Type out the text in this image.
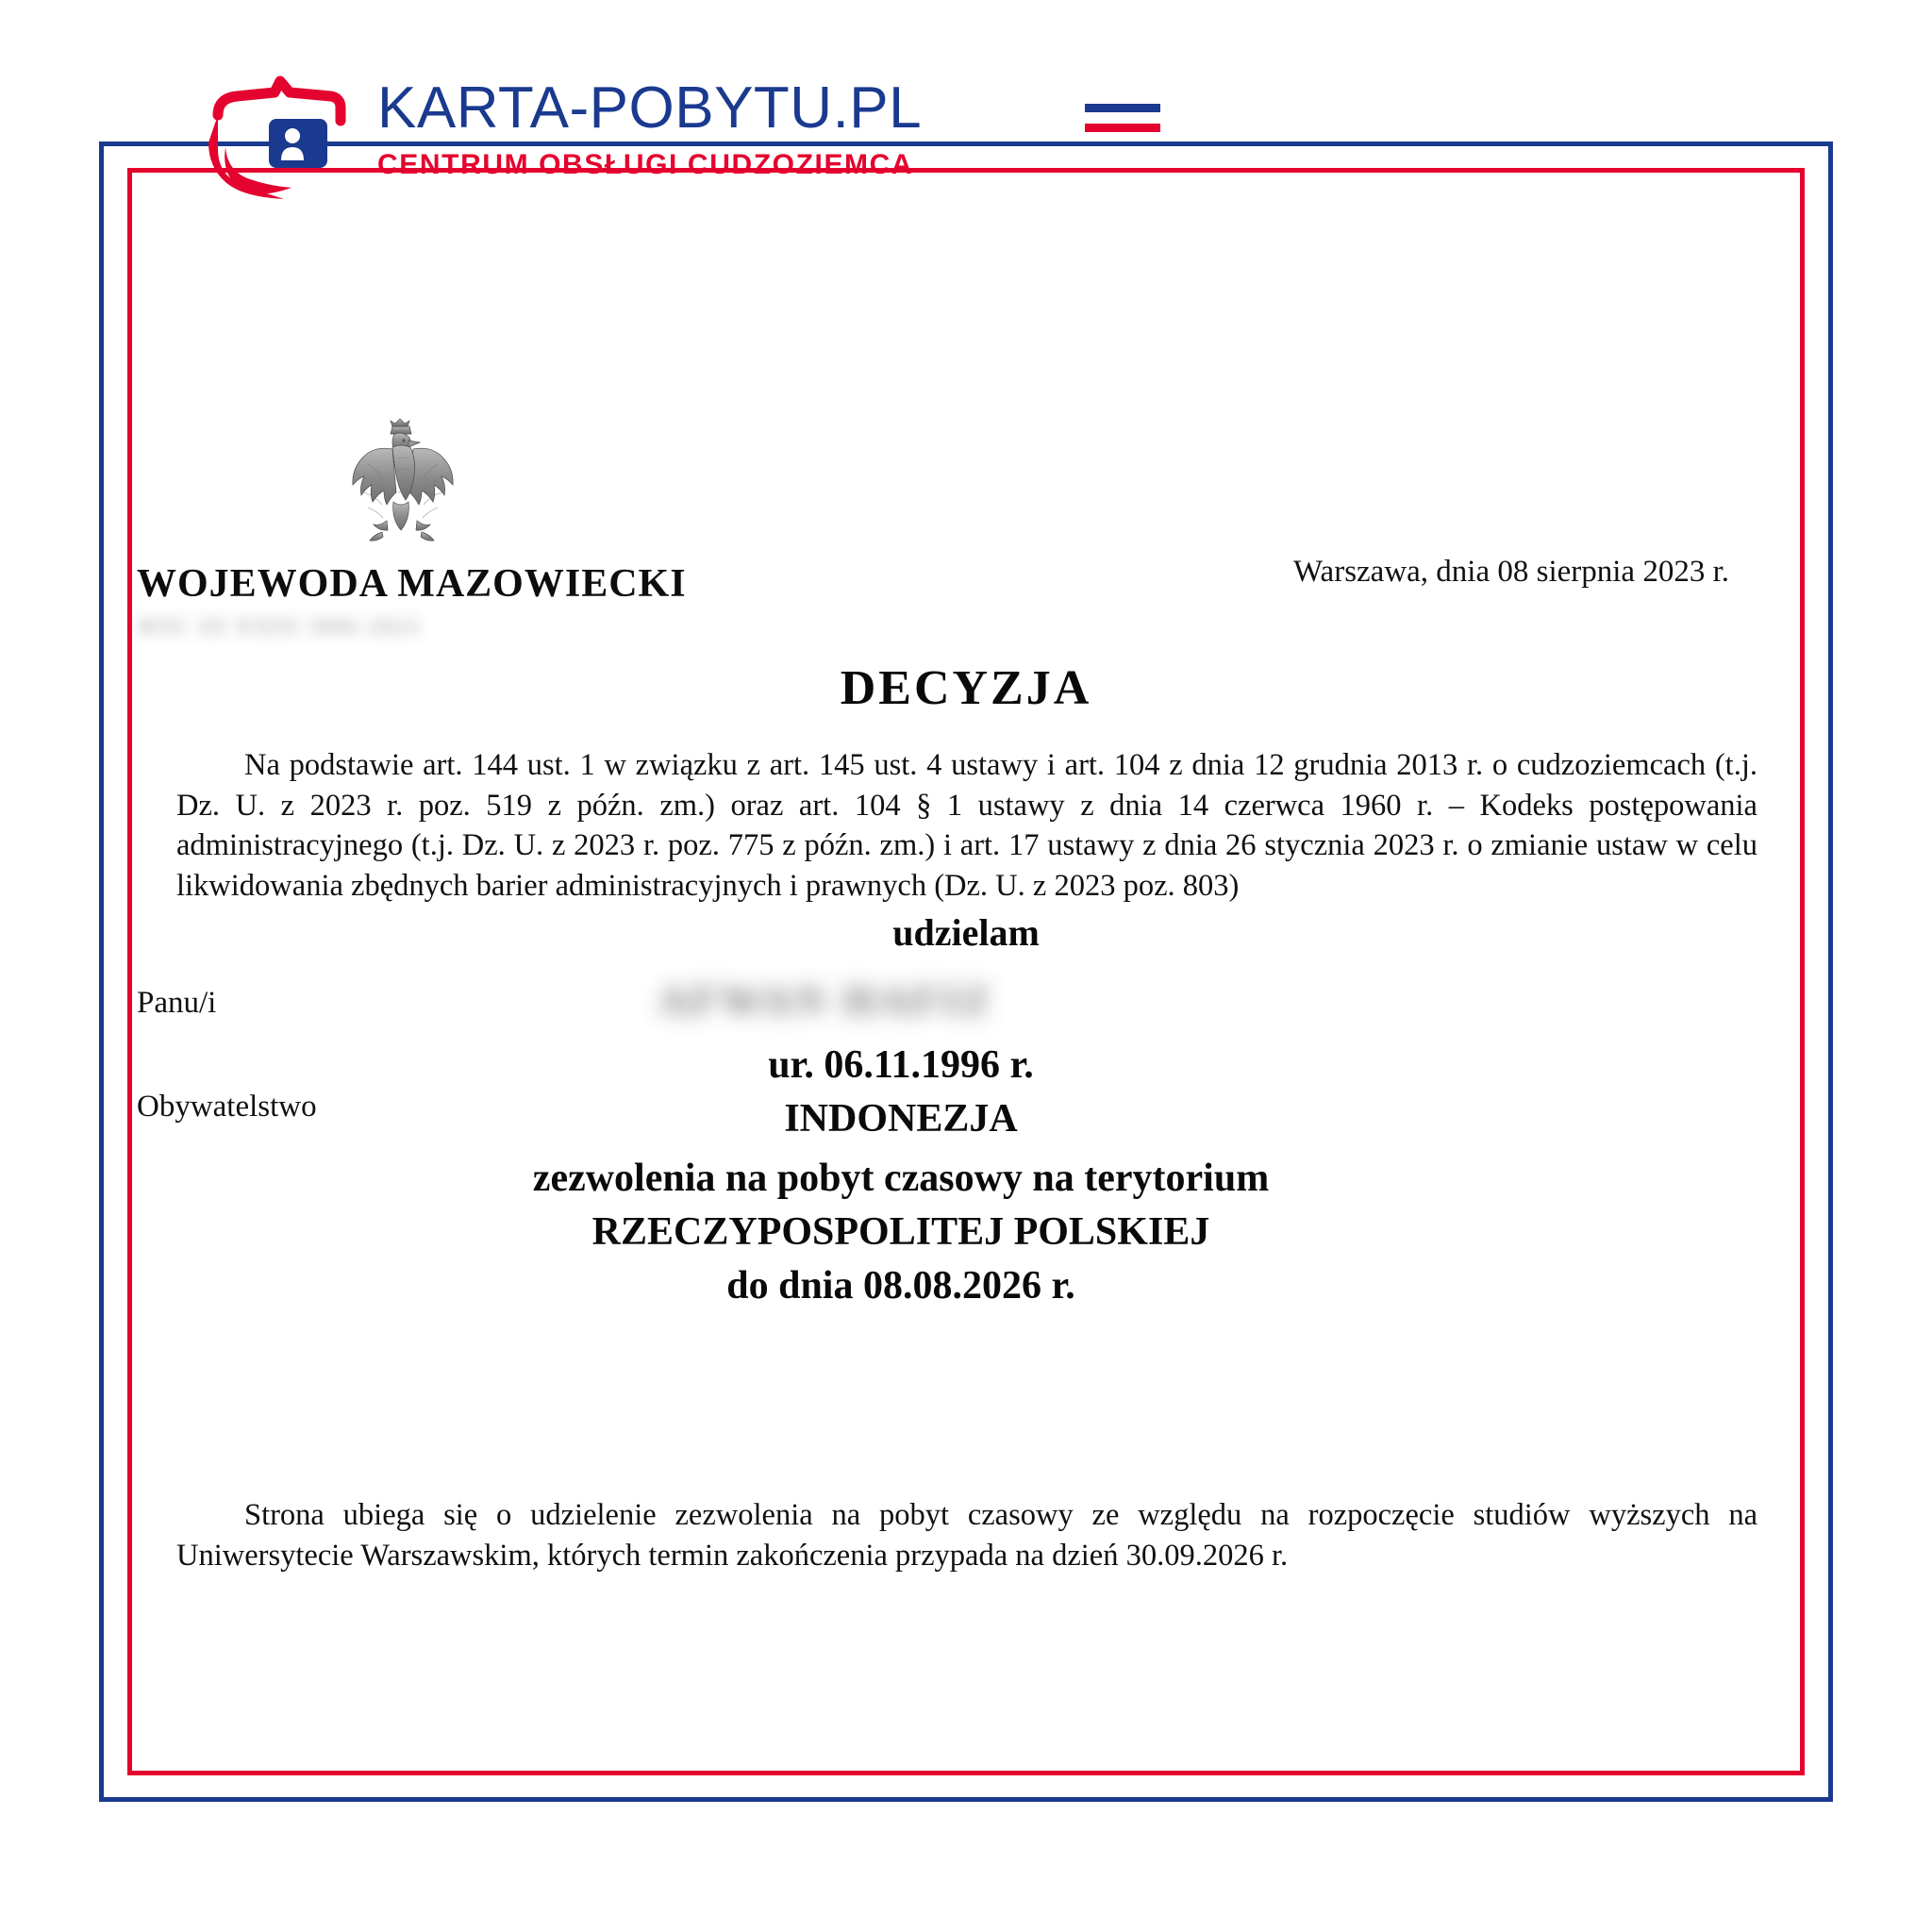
WOJEWODA MAZOWIECKI
WSC III XXIII 3966 2023
Warszawa, dnia 08 sierpnia 2023 r.
DECYZJA
Na podstawie art. 144 ust. 1 w związku z art. 145 ust. 4 ustawy i art. 104 z dnia 12 grudnia 2013 r. o cudzoziemcach (t.j. Dz. U. z 2023 r. poz. 519 z późn. zm.) oraz art. 104 § 1 ustawy z dnia 14 czerwca 1960 r. – Kodeks postępowania administracyjnego (t.j. Dz. U. z 2023 r. poz. 775 z późn. zm.) i art. 17 ustawy z dnia 26 stycznia 2023 r. o zmianie ustaw w celu likwidowania zbędnych barier administracyjnych i prawnych (Dz. U. z 2023 poz. 803)
udzielam
Panu/i
Obywatelstwo
AFWAN HAFIZ
ur. 06.11.1996 r.
INDONEZJA
zezwolenia na pobyt czasowy na terytorium
RZECZYPOSPOLITEJ POLSKIEJ
do dnia 08.08.2026 r.
Strona ubiega się o udzielenie zezwolenia na pobyt czasowy ze względu na rozpoczęcie studiów wyższych na Uniwersytecie Warszawskim, których termin zakończenia przypada na dzień 30.09.2026 r.
KARTA-POBYTU.PL
CENTRUM OBSŁUGI CUDZOZIEMCA
